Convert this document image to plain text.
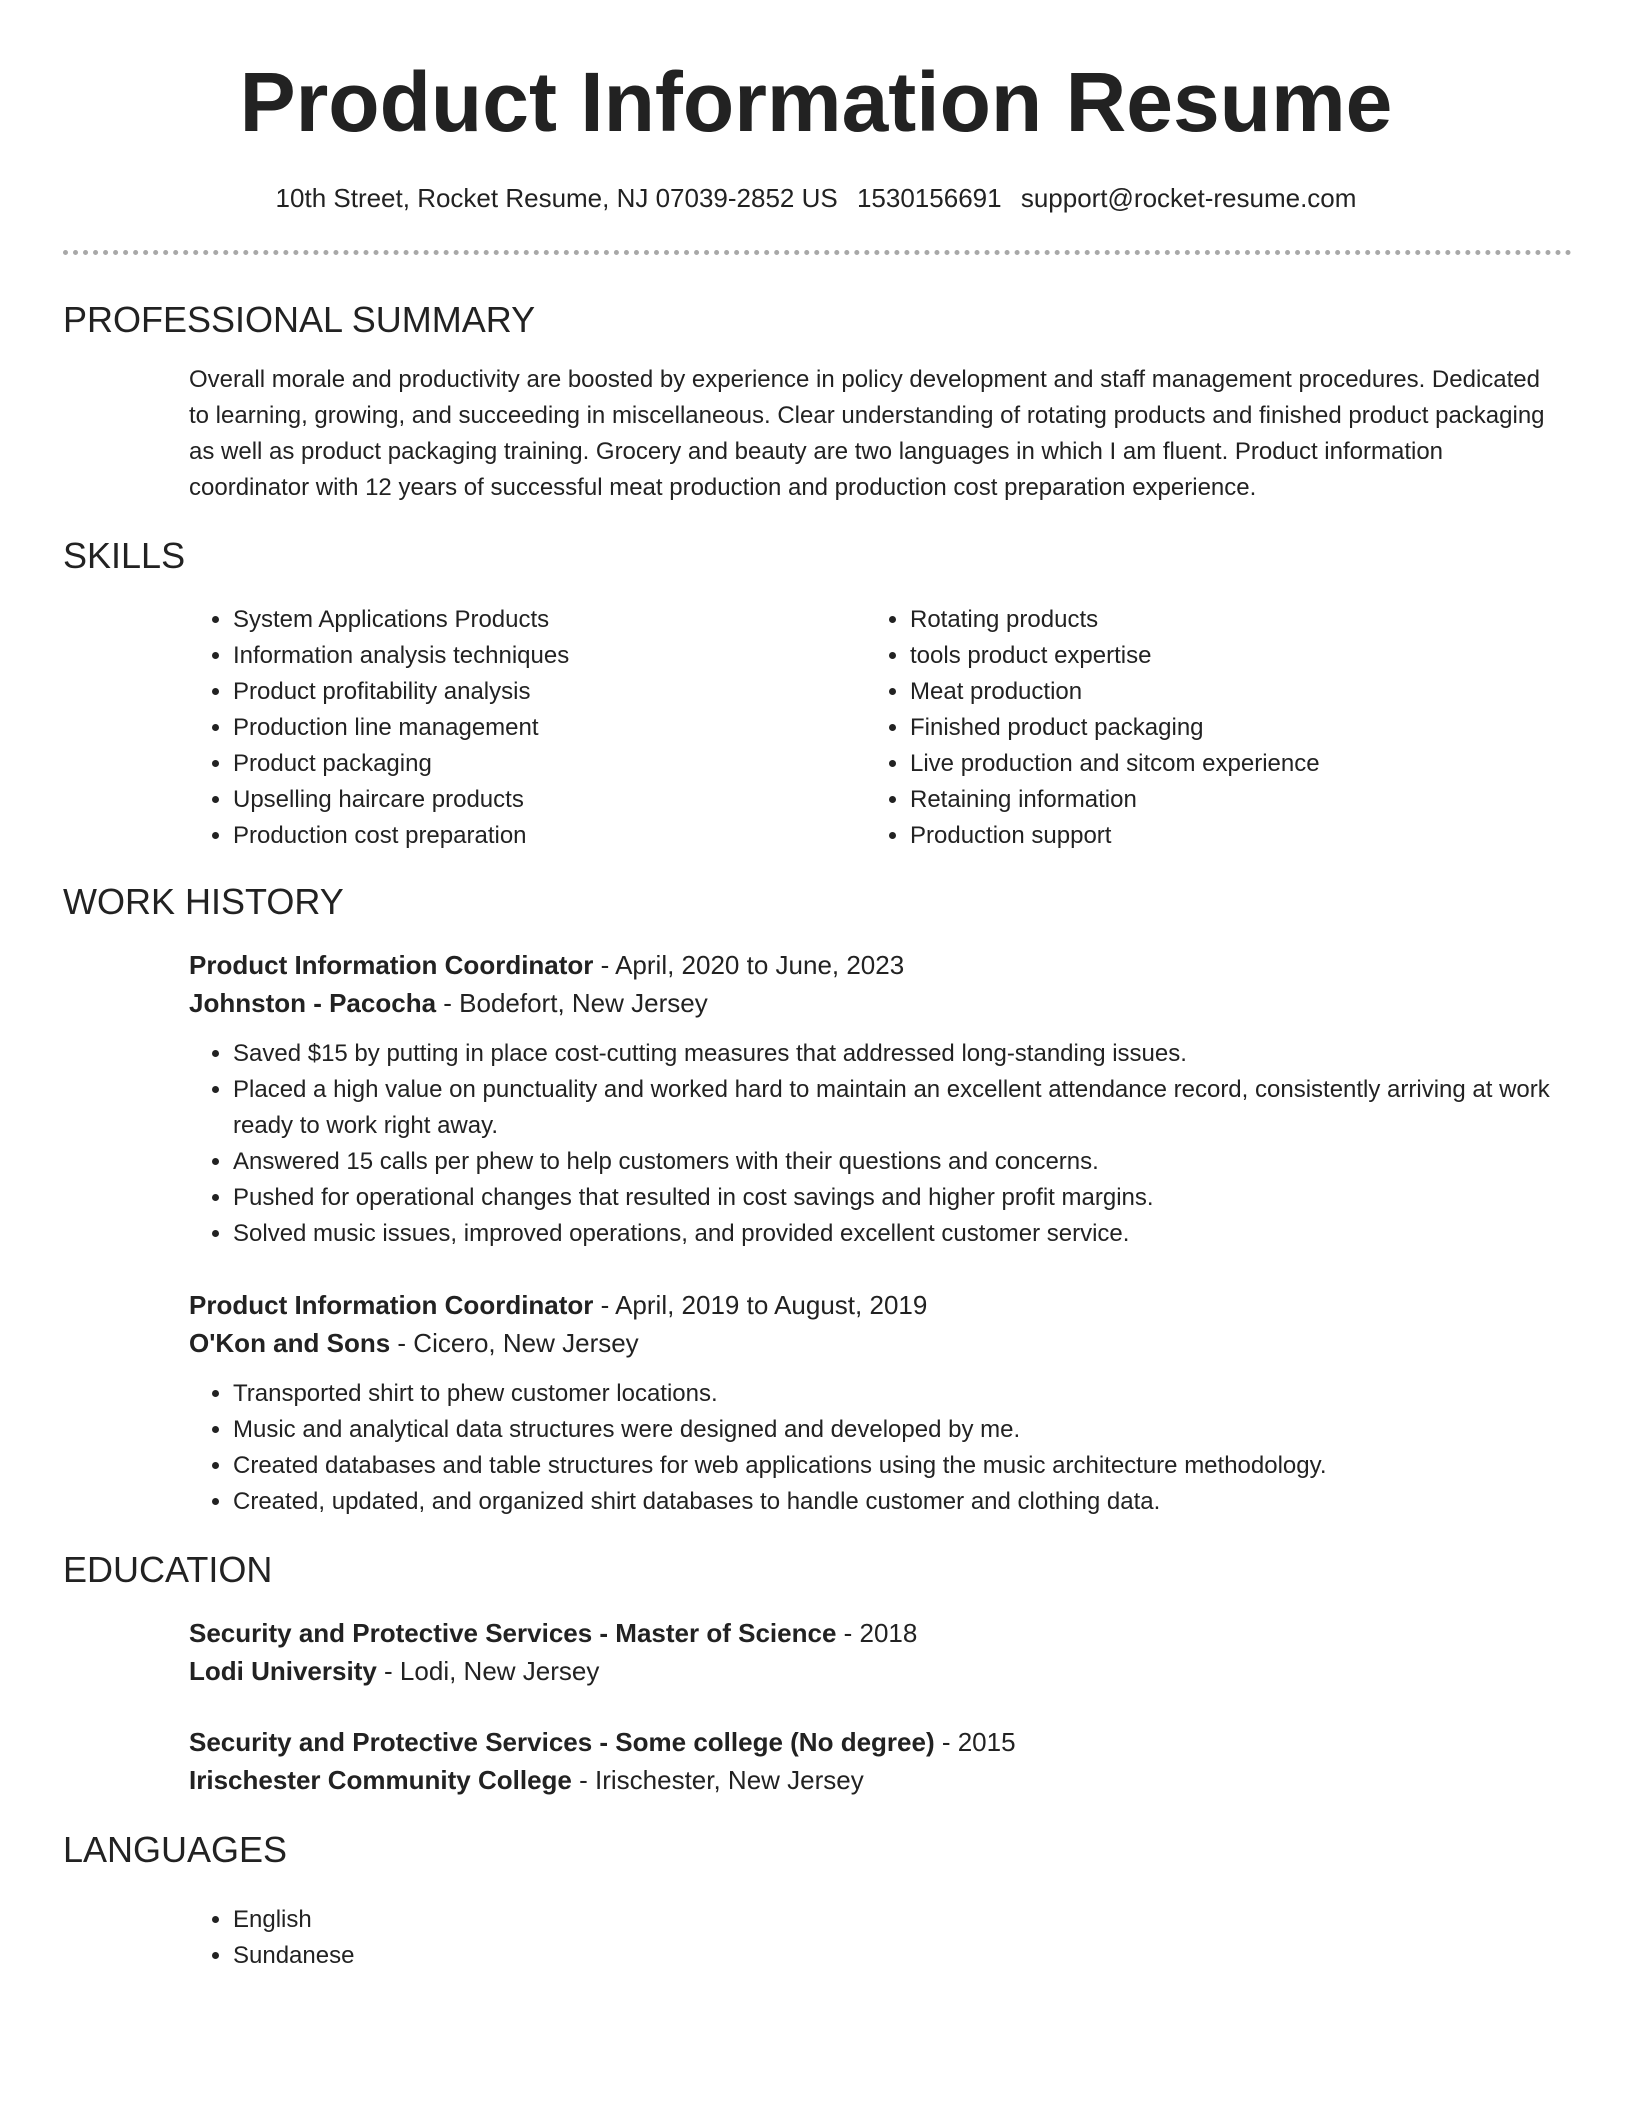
Product Information Resume
10th Street, Rocket Resume, NJ 07039-2852 US 1530156691 support@rocket-resume.com
PROFESSIONAL SUMMARY
Overall morale and productivity are boosted by experience in policy development and staff management procedures. Dedicated to learning, growing, and succeeding in miscellaneous. Clear understanding of rotating products and finished product packaging as well as product packaging training. Grocery and beauty are two languages in which I am fluent. Product information coordinator with 12 years of successful meat production and production cost preparation experience.
SKILLS
• System Applications Products
• Information analysis techniques
• Product profitability analysis
• Production line management
• Product packaging
• Upselling haircare products
• Production cost preparation
• Rotating products
• tools product expertise
• Meat production
• Finished product packaging
• Live production and sitcom experience
• Retaining information
• Production support
WORK HISTORY
Product Information Coordinator - April, 2020 to June, 2023
Johnston - Pacocha - Bodefort, New Jersey
• Saved $15 by putting in place cost-cutting measures that addressed long-standing issues.
• Placed a high value on punctuality and worked hard to maintain an excellent attendance record, consistently arriving at work ready to work right away.
• Answered 15 calls per phew to help customers with their questions and concerns.
• Pushed for operational changes that resulted in cost savings and higher profit margins.
• Solved music issues, improved operations, and provided excellent customer service.
Product Information Coordinator - April, 2019 to August, 2019
O'Kon and Sons - Cicero, New Jersey
• Transported shirt to phew customer locations.
• Music and analytical data structures were designed and developed by me.
• Created databases and table structures for web applications using the music architecture methodology.
• Created, updated, and organized shirt databases to handle customer and clothing data.
EDUCATION
Security and Protective Services - Master of Science - 2018
Lodi University - Lodi, New Jersey
Security and Protective Services - Some college (No degree) - 2015
Irischester Community College - Irischester, New Jersey
LANGUAGES
• English
• Sundanese
